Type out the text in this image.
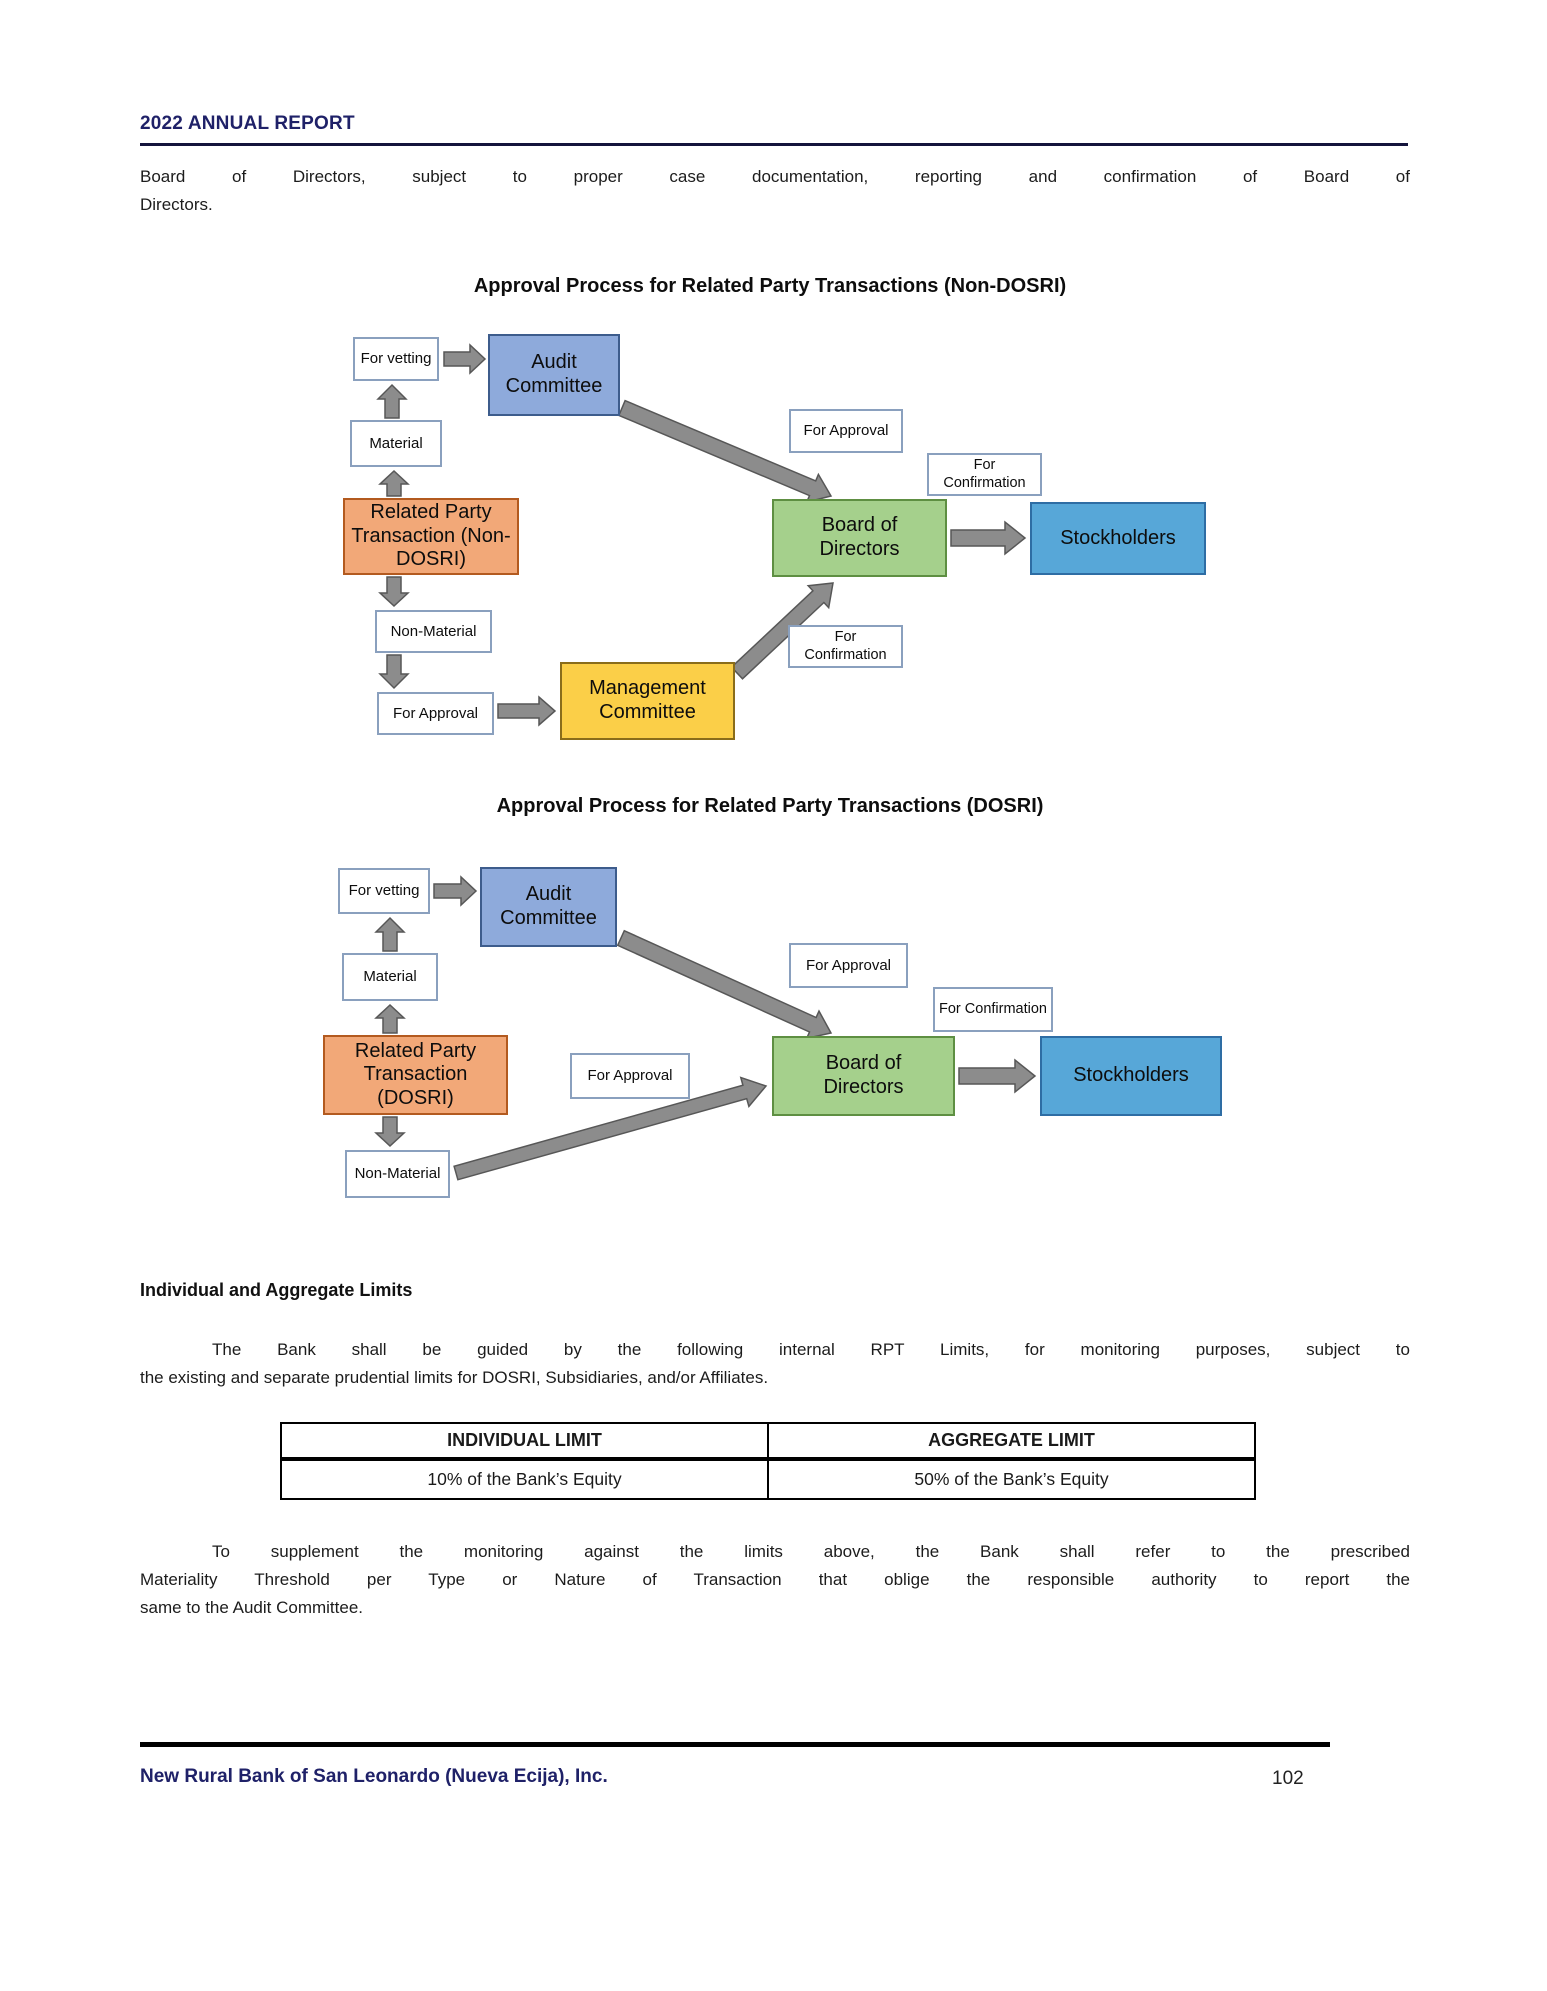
2022 ANNUAL REPORT
Board of Directors, subject to proper case documentation, reporting and confirmation of Board of
Directors.
Approval Process for Related Party Transactions (Non-DOSRI)
For vetting	Audit Committee
Material
Related Party Transaction (Non-DOSRI)
Non-Material
For Approval
Management Committee
For Approval
For Confirmation
Board of Directors
For Confirmation
Stockholders
Approval Process for Related Party Transactions (DOSRI)
For vetting	Audit Committee
Material
Related Party Transaction (DOSRI)
Non-Material
For Approval
For Approval
For Confirmation
Board of Directors
Stockholders
Individual and Aggregate Limits
The Bank shall be guided by the following internal RPT Limits, for monitoring purposes, subject to
the existing and separate prudential limits for DOSRI, Subsidiaries, and/or Affiliates.
INDIVIDUAL LIMIT	AGGREGATE LIMIT
10% of the Bank’s Equity	50% of the Bank’s Equity
To supplement the monitoring against the limits above, the Bank shall refer to the prescribed
Materiality Threshold per Type or Nature of Transaction that oblige the responsible authority to report the
same to the Audit Committee.
New Rural Bank of San Leonardo (Nueva Ecija), Inc.	102
